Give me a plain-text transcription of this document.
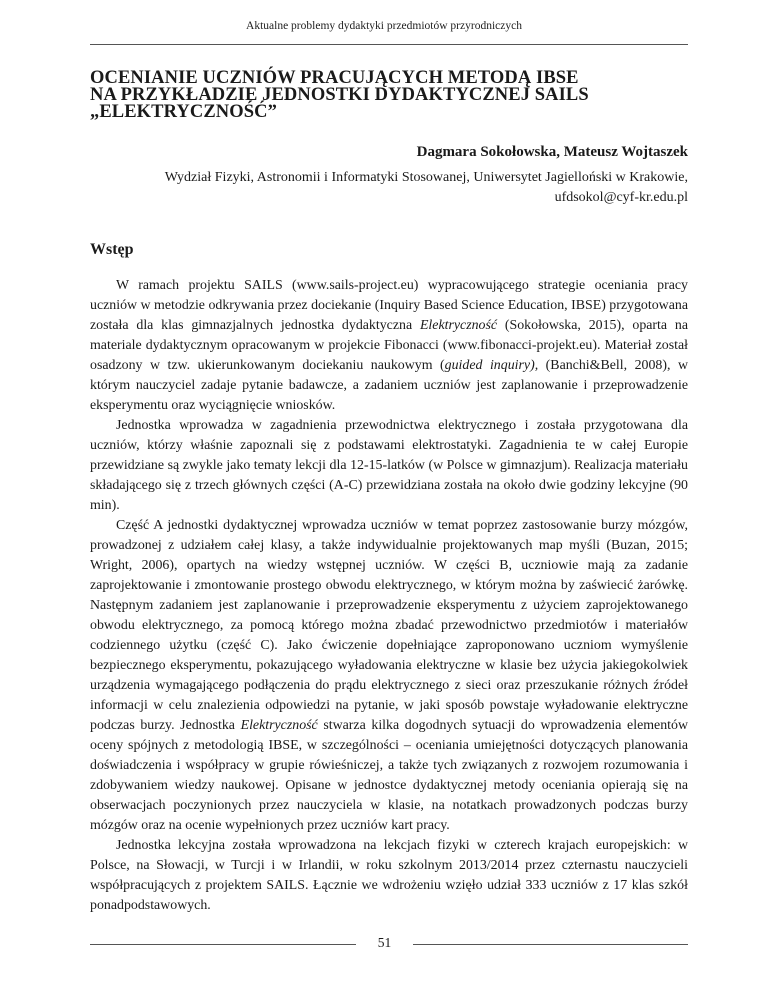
Aktualne problemy dydaktyki przedmiotów przyrodniczych
OCENIANIE UCZNIÓW PRACUJĄCYCH METODĄ IBSE
NA PRZYKŁADZIE JEDNOSTKI DYDAKTYCZNEJ SAILS
„ELEKTRYCZNOŚĆ”

Dagmara Sokołowska, Mateusz Wojtaszek

Wydział Fizyki, Astronomii i Informatyki Stosowanej, Uniwersytet Jagielloński w Krakowie,
ufdsokol@cyf-kr.edu.pl

Wstęp

W ramach projektu SAILS (www.sails-project.eu) wypracowującego strategie oceniania pracy uczniów w metodzie odkrywania przez dociekanie (Inquiry Based Science Education, IBSE) przygotowana została dla klas gimnazjalnych jednostka dydaktyczna Elektryczność (Sokołowska, 2015), oparta na materiale dydaktycznym opracowanym w projekcie Fibonacci (www.fibonacci-projekt.eu). Materiał został osadzony w tzw. ukierunkowanym dociekaniu naukowym (guided inquiry), (Banchi&Bell, 2008), w którym nauczyciel zadaje pytanie badawcze, a zadaniem uczniów jest zaplanowanie i przeprowadzenie eksperymentu oraz wyciągnięcie wniosków.

Jednostka wprowadza w zagadnienia przewodnictwa elektrycznego i została przygotowana dla uczniów, którzy właśnie zapoznali się z podstawami elektrostatyki. Zagadnienia te w całej Europie przewidziane są zwykle jako tematy lekcji dla 12-15-latków (w Polsce w gimnazjum). Realizacja materiału składającego się z trzech głównych części (A-C) przewidziana została na około dwie godziny lekcyjne (90 min).

Część A jednostki dydaktycznej wprowadza uczniów w temat poprzez zastosowanie burzy mózgów, prowadzonej z udziałem całej klasy, a także indywidualnie projektowanych map myśli (Buzan, 2015; Wright, 2006), opartych na wiedzy wstępnej uczniów. W części B, uczniowie mają za zadanie zaprojektowanie i zmontowanie prostego obwodu elektrycznego, w którym można by zaświecić żarówkę. Następnym zadaniem jest zaplanowanie i przeprowadzenie eksperymentu z użyciem zaprojektowanego obwodu elektrycznego, za pomocą którego można zbadać przewodnictwo przedmiotów i materiałów codziennego użytku (część C). Jako ćwiczenie dopełniające zaproponowano uczniom wymyślenie bezpiecznego eksperymentu, pokazującego wyładowania elektryczne w klasie bez użycia jakiegokolwiek urządzenia wymagającego podłączenia do prądu elektrycznego z sieci oraz przeszukanie różnych źródeł informacji w celu znalezienia odpowiedzi na pytanie, w jaki sposób powstaje wyładowanie elektryczne podczas burzy. Jednostka Elektryczność stwarza kilka dogodnych sytuacji do wprowadzenia elementów oceny spójnych z metodologią IBSE, w szczególności – oceniania umiejętności dotyczących planowania doświadczenia i współpracy w grupie rówieśniczej, a także tych związanych z rozwojem rozumowania i zdobywaniem wiedzy naukowej. Opisane w jednostce dydaktycznej metody oceniania opierają się na obserwacjach poczynionych przez nauczyciela w klasie, na notatkach prowadzonych podczas burzy mózgów oraz na ocenie wypełnionych przez uczniów kart pracy.

Jednostka lekcyjna została wprowadzona na lekcjach fizyki w czterech krajach europejskich: w Polsce, na Słowacji, w Turcji i w Irlandii, w roku szkolnym 2013/2014 przez czternastu nauczycieli współpracujących z projektem SAILS. Łącznie we wdrożeniu wzięło udział 333 uczniów z 17 klas szkół ponadpodstawowych.

51
